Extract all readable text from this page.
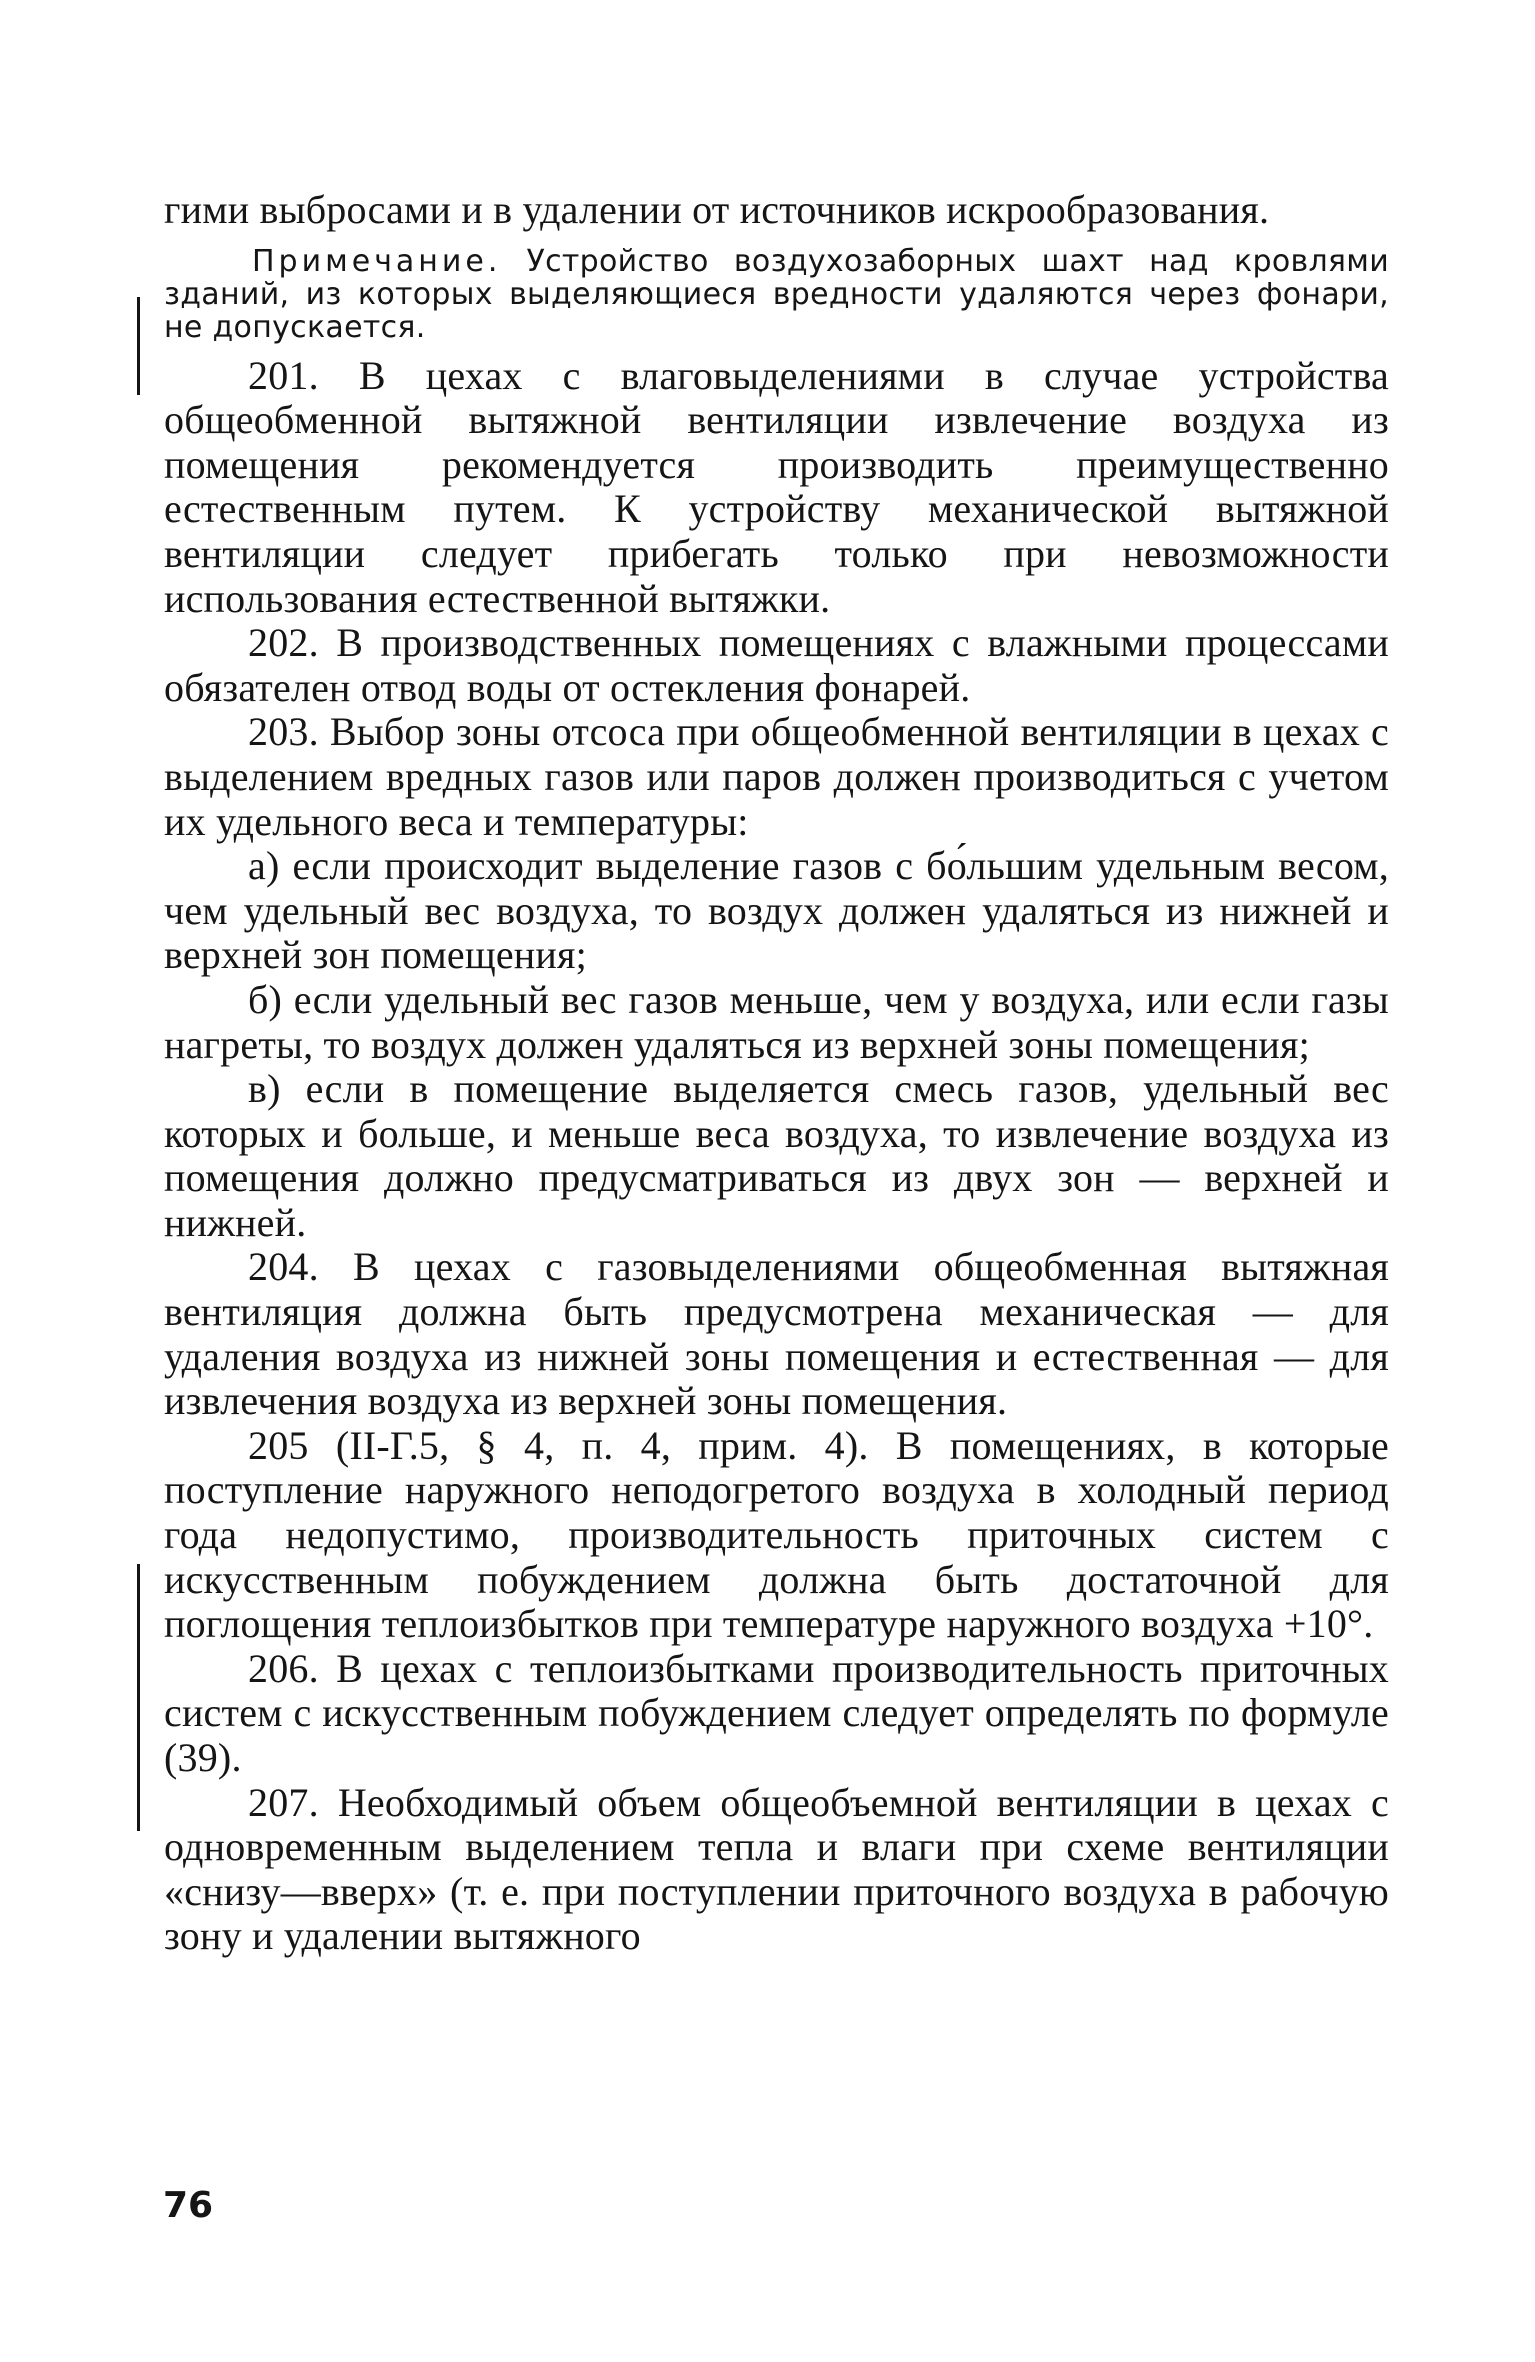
гими выбросами и в удалении от источников искрообразования.

Примечание. Устройство воздухозаборных шахт над кровлями зданий, из которых выделяющиеся вредности удаляются через фонари, не допускается.

201. В цехах с влаговыделениями в случае устройства общеобменной вытяжной вентиляции извлечение воздуха из помещения рекомендуется производить преимущественно естественным путем. К устройству механической вытяжной вентиляции следует прибегать только при невозможности использования естественной вытяжки.

202. В производственных помещениях с влажными процессами обязателен отвод воды от остекления фонарей.

203. Выбор зоны отсоса при общеобменной вентиляции в цехах с выделением вредных газов или паров должен производиться с учетом их удельного веса и температуры:

а) если происходит выделение газов с бо́льшим удельным весом, чем удельный вес воздуха, то воздух должен удаляться из нижней и верхней зон помещения;

б) если удельный вес газов меньше, чем у воздуха, или если газы нагреты, то воздух должен удаляться из верхней зоны помещения;

в) если в помещение выделяется смесь газов, удельный вес которых и больше, и меньше веса воздуха, то извлечение воздуха из помещения должно предусматриваться из двух зон — верхней и нижней.

204. В цехах с газовыделениями общеобменная вытяжная вентиляция должна быть предусмотрена механическая — для удаления воздуха из нижней зоны помещения и естественная — для извлечения воздуха из верхней зоны помещения.

205 (II-Г.5, § 4, п. 4, прим. 4). В помещениях, в которые поступление наружного неподогретого воздуха в холодный период года недопустимо, производительность приточных систем с искусственным побуждением должна быть достаточной для поглощения теплоизбытков при температуре наружного воздуха +10°.

206. В цехах с теплоизбытками производительность приточных систем с искусственным побуждением следует определять по формуле (39).

207. Необходимый объем общеобъемной вентиляции в цехах с одновременным выделением тепла и влаги при схеме вентиляции «снизу—вверх» (т. е. при поступлении приточного воздуха в рабочую зону и удалении вытяжного

76
